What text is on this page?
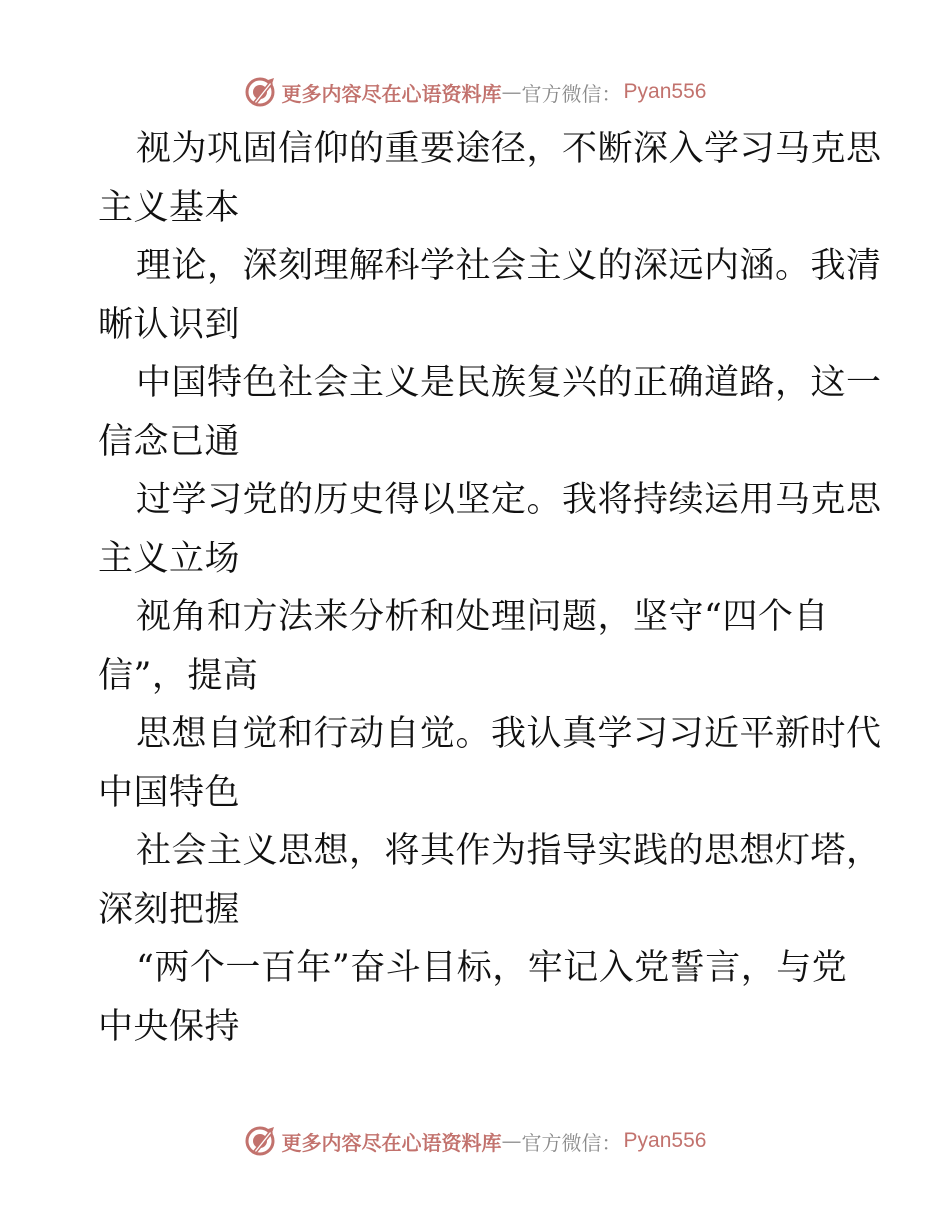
更多内容尽在心语资料库 — 官方微信： Pyan556
视为巩固信仰的重要途径，不断深入学习马克思
主义基本
理论，深刻理解科学社会主义的深远内涵。我清
晰认识到
中国特色社会主义是民族复兴的正确道路，这一
信念已通
过学习党的历史得以坚定。我将持续运用马克思
主义立场
视角和方法来分析和处理问题，坚守“四个自
信”，提高
思想自觉和行动自觉。我认真学习习近平新时代
中国特色
社会主义思想，将其作为指导实践的思想灯塔，
深刻把握
“两个一百年”奋斗目标，牢记入党誓言，与党
中央保持
更多内容尽在心语资料库 — 官方微信： Pyan556
